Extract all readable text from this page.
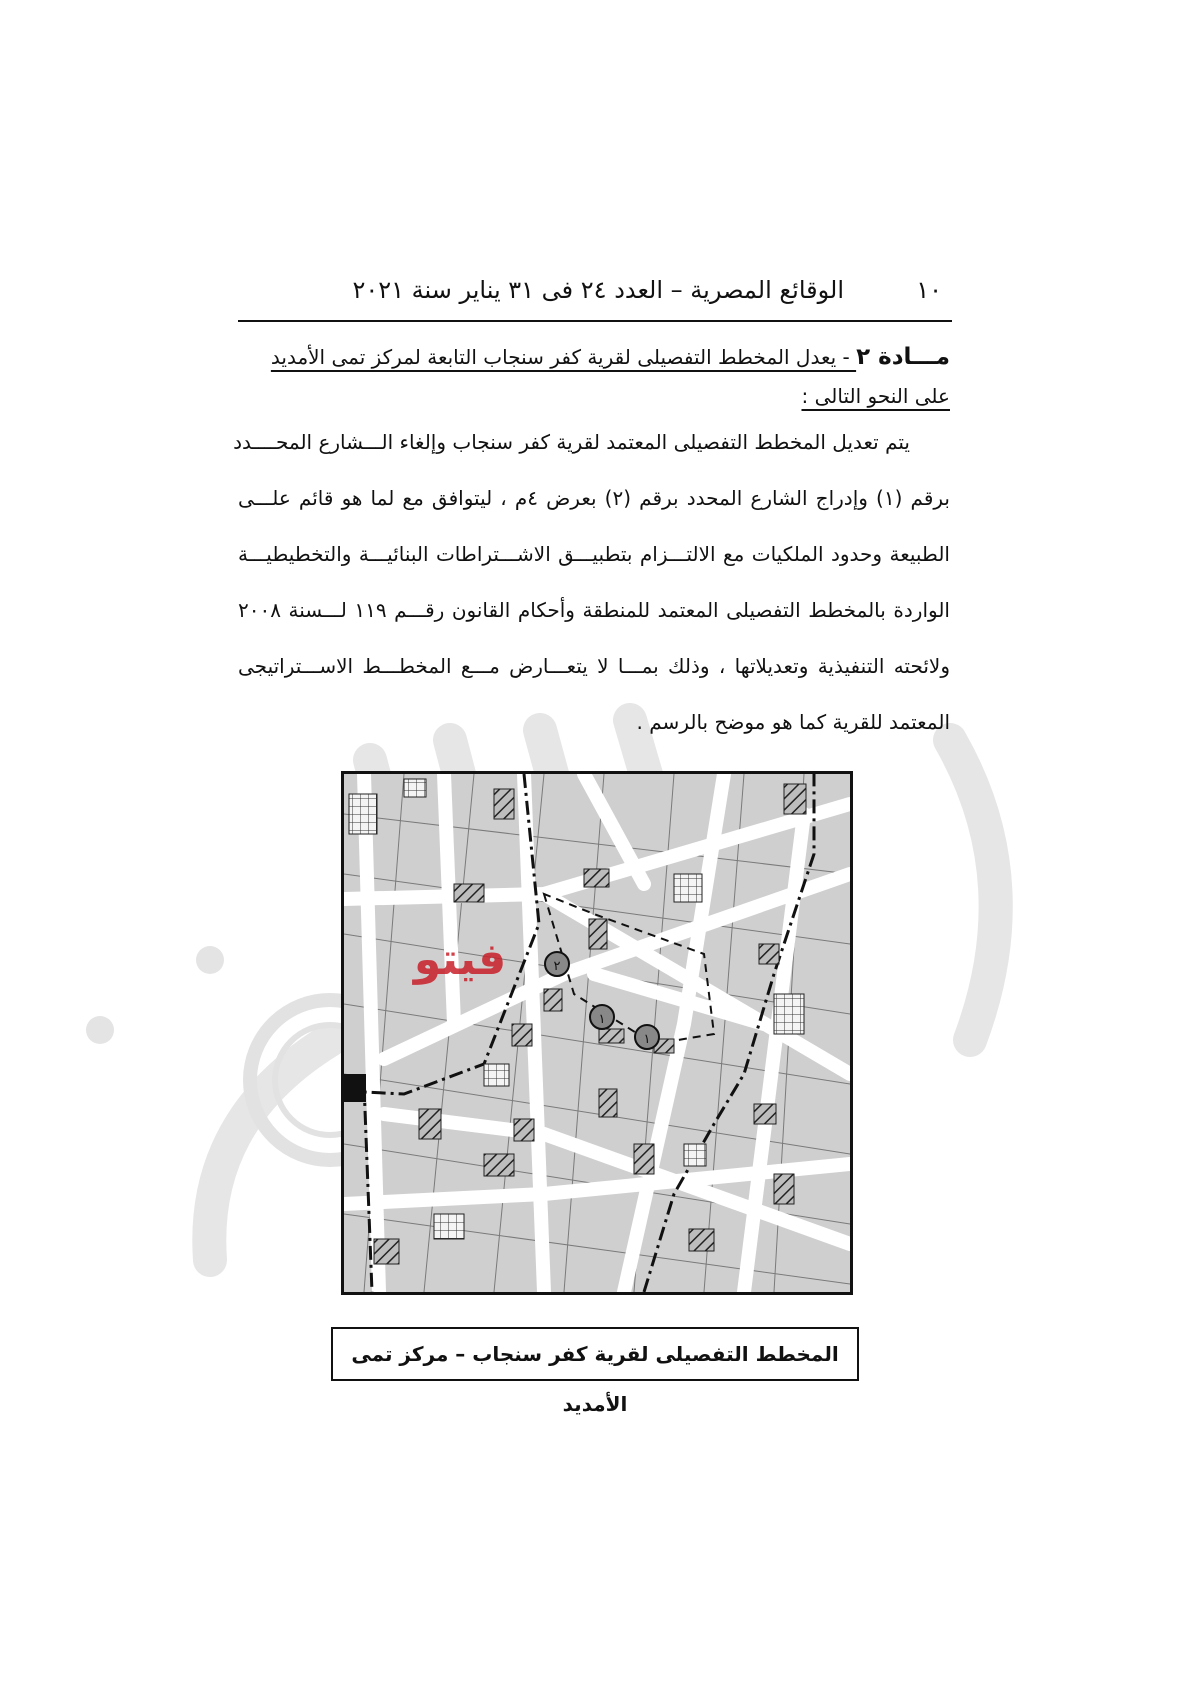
١٠
الوقائع المصرية – العدد ٢٤ فى ٣١ يناير سنة ٢٠٢١
مـــادة ٢ - يعدل المخطط التفصيلى لقرية كفر سنجاب التابعة لمركز تمى الأمديد
على النحو التالى :
يتم تعديل المخطط التفصيلى المعتمد لقرية كفر سنجاب وإلغاء الـــشارع المحــــدد
برقم (١) وإدراج الشارع المحدد برقم (٢) بعرض ٤م ، ليتوافق مع لما هو قائم علـــى
الطبيعة وحدود الملكيات مع الالتـــزام بتطبيـــق الاشـــتراطات البنائيـــة والتخطيطيـــة
الواردة بالمخطط التفصيلى المعتمد للمنطقة وأحكام القانون رقـــم ١١٩ لـــسنة ٢٠٠٨
ولائحته التنفيذية وتعديلاتها ، وذلك بمـــا لا يتعـــارض مـــع المخطـــط الاســـتراتيجى
المعتمد للقرية كما هو موضح بالرسم .
٢
١
١
فيتو
المخطط التفصيلى لقرية كفر سنجاب – مركز تمى الأمديد
